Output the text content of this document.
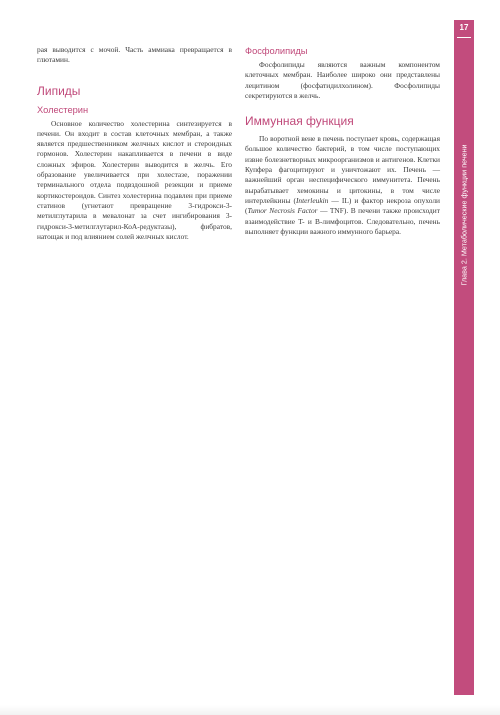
рая выводится с мочой. Часть аммиака превращается в глютамин.

Липиды
Холестерин

Основное количество холестерина синтезируется в печени. Он входит в состав клеточных мембран, а также является предшественником желчных кислот и стероидных гормонов. Холестерин накапливается в печени в виде сложных эфиров. Холестерин выводится в желчь. Его образование увеличивается при холестазе, поражении терминального отдела подвздошной резекции и приеме кортикостероидов. Синтез холестерина подавлен при приеме статинов (угнетают превращение 3-гидрокси-3-метилглутарила в мевалонат за счет ингибирования 3-гидрокси-3-метилглутарил-КоА-редуктазы), фибратов, натощак и под влиянием солей желчных кислот.

Фосфолипиды

Фосфолипиды являются важным компонентом клеточных мембран. Наиболее широко они представлены лецитином (фосфатидилхолином). Фосфолипиды секретируются в желчь.

Иммунная функция

По воротной вене в печень поступает кровь, содержащая большое количество бактерий, в том числе поступающих извне болезнетворных микроорганизмов и антигенов. Клетки Купфера фагоцитируют и уничтожают их. Печень — важнейший орган неспецифического иммунитета. Печень вырабатывает хемокины и цитокины, в том числе интерлейкины (Interleukin — IL) и фактор некроза опухоли (Tumor Necrosis Factor — TNF). В печени также происходит взаимодействие T- и B-лимфоцитов. Следовательно, печень выполняет функции важного иммунного барьера.

17
Глава 2. Метаболические функции печени
